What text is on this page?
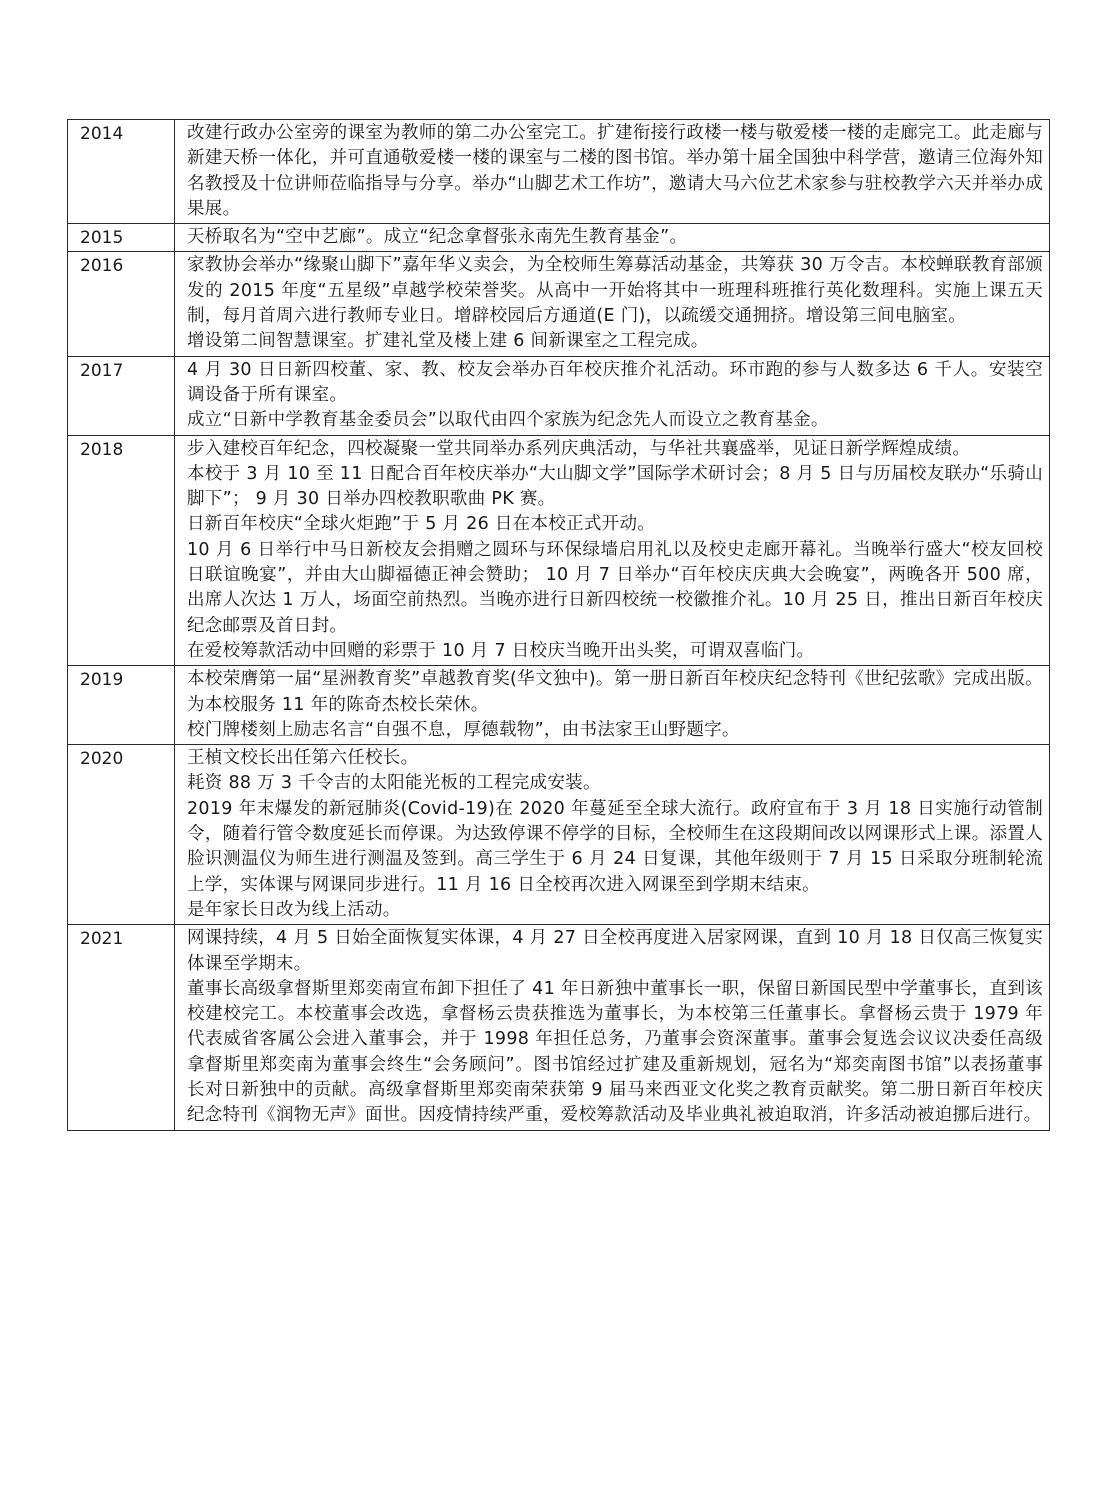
2014	改建行政办公室旁的课室为教师的第二办公室完工。扩建衔接行政楼一楼与敬爱楼一楼的走廊完工。此走廊与新建天桥一体化，并可直通敬爱楼一楼的课室与二楼的图书馆。举办第十届全国独中科学营，邀请三位海外知名教授及十位讲师莅临指导与分享。举办“山脚艺术工作坊”，邀请大马六位艺术家参与驻校教学六天并举办成果展。

2015	天桥取名为“空中艺廊”。成立“纪念拿督张永南先生教育基金”。

2016	家教协会举办“缘聚山脚下”嘉年华义卖会，为全校师生筹募活动基金，共筹获 30 万令吉。本校蝉联教育部颁发的 2015 年度“五星级”卓越学校荣誉奖。从高中一开始将其中一班理科班推行英化数理科。实施上课五天制，每月首周六进行教师专业日。增辟校园后方通道(E 门)，以疏缓交通拥挤。增设第三间电脑室。

增设第二间智慧课室。扩建礼堂及楼上建 6 间新课室之工程完成。

2017	4 月 30 日日新四校董、家、教、校友会举办百年校庆推介礼活动。环市跑的参与人数多达 6 千人。安装空调设备于所有课室。

成立“日新中学教育基金委员会”以取代由四个家族为纪念先人而设立之教育基金。

2018	步入建校百年纪念，四校凝聚一堂共同举办系列庆典活动，与华社共襄盛举，见证日新学辉煌成绩。

本校于 3 月 10 至 11 日配合百年校庆举办“大山脚文学”国际学术研讨会；8 月 5 日与历届校友联办“乐骑山脚下”； 9 月 30 日举办四校教职歌曲 PK 赛。

日新百年校庆“全球火炬跑”于 5 月 26 日在本校正式开动。

10 月 6 日举行中马日新校友会捐赠之圆环与环保绿墙启用礼以及校史走廊开幕礼。当晚举行盛大“校友回校日联谊晚宴”，并由大山脚福德正神会赞助； 10 月 7 日举办“百年校庆庆典大会晚宴”，两晚各开 500 席，出席人次达 1 万人，场面空前热烈。当晚亦进行日新四校统一校徽推介礼。10 月 25 日，推出日新百年校庆纪念邮票及首日封。

在爱校筹款活动中回赠的彩票于 10 月 7 日校庆当晚开出头奖，可谓双喜临门。

2019	本校荣膺第一届“星洲教育奖”卓越教育奖(华文独中)。第一册日新百年校庆纪念特刊《世纪弦歌》完成出版。为本校服务 11 年的陈奇杰校长荣休。

校门牌楼刻上励志名言“自强不息，厚德载物”，由书法家王山野题字。

2020	王楨文校长出任第六任校长。

耗资 88 万 3 千令吉的太阳能光板的工程完成安装。

2019 年末爆发的新冠肺炎(Covid-19)在 2020 年蔓延至全球大流行。政府宣布于 3 月 18 日实施行动管制令，随着行管令数度延长而停课。为达致停课不停学的目标，全校师生在这段期间改以网课形式上课。添置人脸识测温仪为师生进行测温及签到。高三学生于 6 月 24 日复课，其他年级则于 7 月 15 日采取分班制轮流上学，实体课与网课同步进行。11 月 16 日全校再次进入网课至到学期末结束。

是年家长日改为线上活动。

2021	网课持续，4 月 5 日始全面恢复实体课，4 月 27 日全校再度进入居家网课，直到 10 月 18 日仅高三恢复实体课至学期末。

董事长高级拿督斯里郑奕南宣布卸下担任了 41 年日新独中董事长一职，保留日新国民型中学董事长，直到该校建校完工。本校董事会改选，拿督杨云贵获推选为董事长，为本校第三任董事长。拿督杨云贵于 1979 年代表威省客属公会进入董事会，并于 1998 年担任总务，乃董事会资深董事。董事会复选会议议决委任高级拿督斯里郑奕南为董事会终生“会务顾问”。图书馆经过扩建及重新规划，冠名为“郑奕南图书馆”以表扬董事长对日新独中的贡献。高级拿督斯里郑奕南荣获第 9 届马来西亚文化奖之教育贡献奖。第二册日新百年校庆纪念特刊《润物无声》面世。因疫情持续严重，爱校筹款活动及毕业典礼被迫取消，许多活动被迫挪后进行。
